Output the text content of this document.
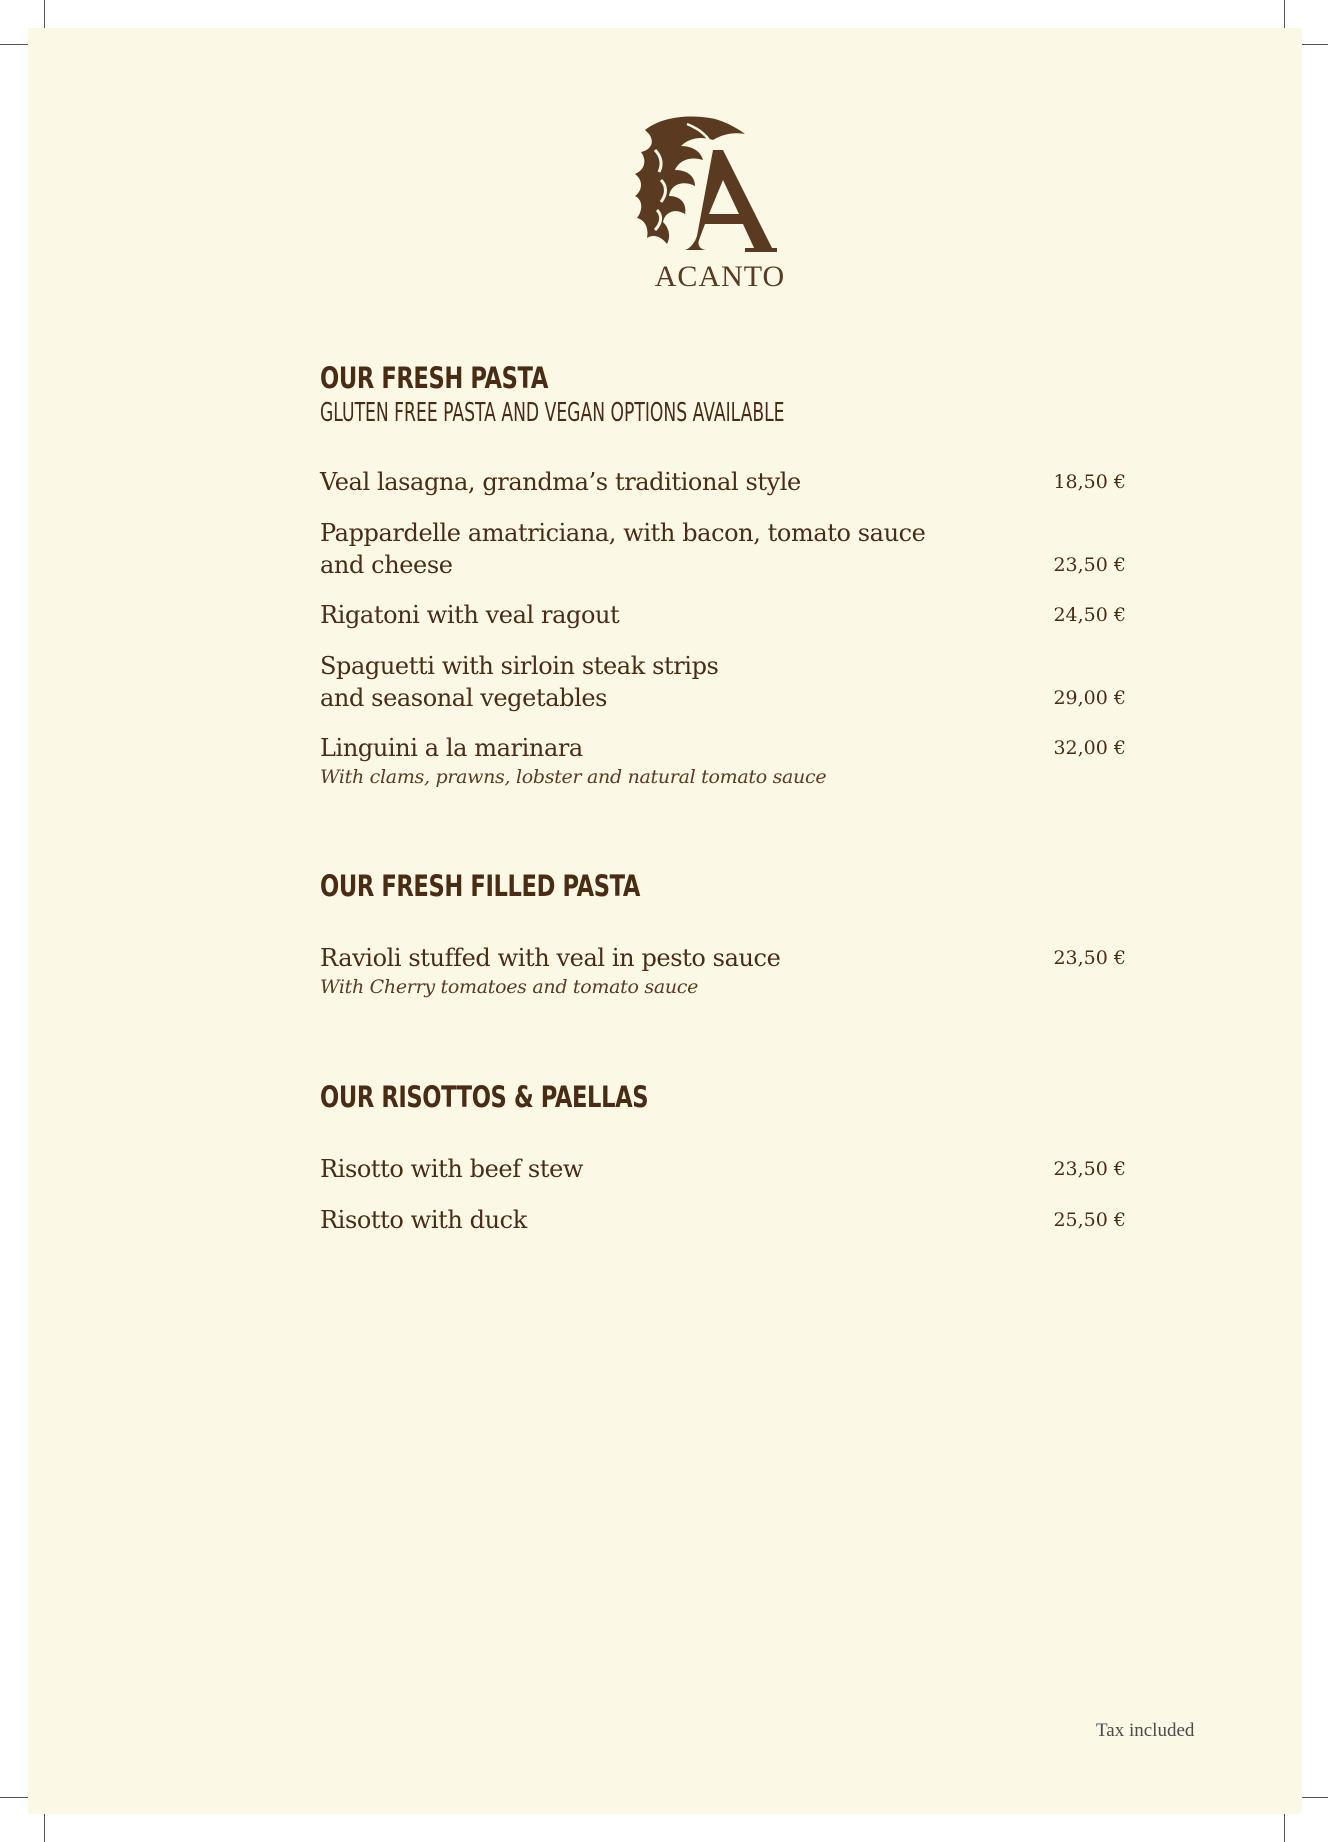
ACANTO
OUR FRESH PASTA
GLUTEN FREE PASTA AND VEGAN OPTIONS AVAILABLE
Veal lasagna, grandma’s traditional style	18,50 €
Pappardelle amatriciana, with bacon, tomato sauce
and cheese	23,50 €
Rigatoni with veal ragout	24,50 €
Spaguetti with sirloin steak strips
and seasonal vegetables	29,00 €
Linguini a la marinara
With clams, prawns, lobster and natural tomato sauce
32,00 €
OUR FRESH FILLED PASTA
Ravioli stuffed with veal in pesto sauce
With Cherry tomatoes and tomato sauce
23,50 €
OUR RISOTTOS & PAELLAS
Risotto with beef stew	23,50 €
Risotto with duck	25,50 €
Tax included
